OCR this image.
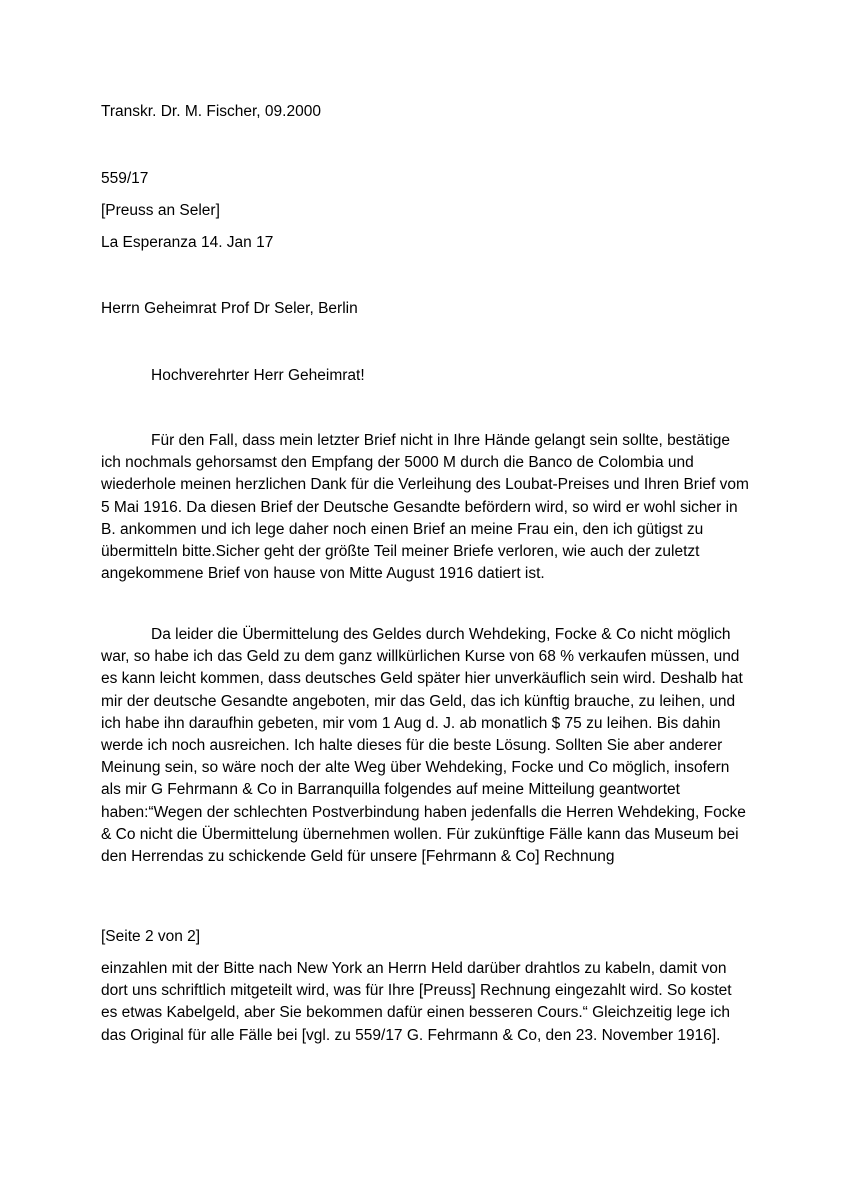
Transkr. Dr. M. Fischer, 09.2000
559/17
[Preuss an Seler]
La Esperanza 14. Jan 17
Herrn Geheimrat Prof Dr Seler, Berlin
Hochverehrter Herr Geheimrat!
Für den Fall, dass mein letzter Brief nicht in Ihre Hände gelangt sein sollte, bestätige ich nochmals gehorsamst den Empfang der 5000 M durch die Banco de Colombia und wiederhole meinen herzlichen Dank für die Verleihung des Loubat-Preises und Ihren Brief vom 5 Mai 1916. Da diesen Brief der Deutsche Gesandte befördern wird, so wird er wohl sicher in B. ankommen und ich lege daher noch einen Brief an meine Frau ein, den ich gütigst zu übermitteln bitte.Sicher geht der größte Teil meiner Briefe verloren, wie auch der zuletzt angekommene Brief von hause von Mitte August 1916 datiert ist.
Da leider die Übermittelung des Geldes durch Wehdeking, Focke & Co nicht möglich war, so habe ich das Geld zu dem ganz willkürlichen Kurse von 68 % verkaufen müssen, und es kann leicht kommen, dass deutsches Geld später hier unverkäuflich sein wird. Deshalb hat mir der deutsche Gesandte angeboten, mir das Geld, das ich künftig brauche, zu leihen, und ich habe ihn daraufhin gebeten, mir vom 1 Aug d. J. ab monatlich $ 75 zu leihen. Bis dahin werde ich noch ausreichen. Ich halte dieses für die beste Lösung. Sollten Sie aber anderer Meinung sein, so wäre noch der alte Weg über Wehdeking, Focke und Co möglich, insofern als mir G Fehrmann & Co in Barranquilla folgendes auf meine Mitteilung geantwortet haben:“Wegen der schlechten Postverbindung haben jedenfalls die Herren Wehdeking, Focke & Co nicht die Übermittelung übernehmen wollen. Für zukünftige Fälle kann das Museum bei den Herrendas zu schickende Geld für unsere [Fehrmann & Co] Rechnung
[Seite 2 von 2]
einzahlen mit der Bitte nach New York an Herrn Held darüber drahtlos zu kabeln, damit von dort uns schriftlich mitgeteilt wird, was für Ihre [Preuss] Rechnung eingezahlt wird. So kostet es etwas Kabelgeld, aber Sie bekommen dafür einen besseren Cours.“ Gleichzeitig lege ich das Original für alle Fälle bei [vgl. zu 559/17 G. Fehrmann & Co, den 23. November 1916].
